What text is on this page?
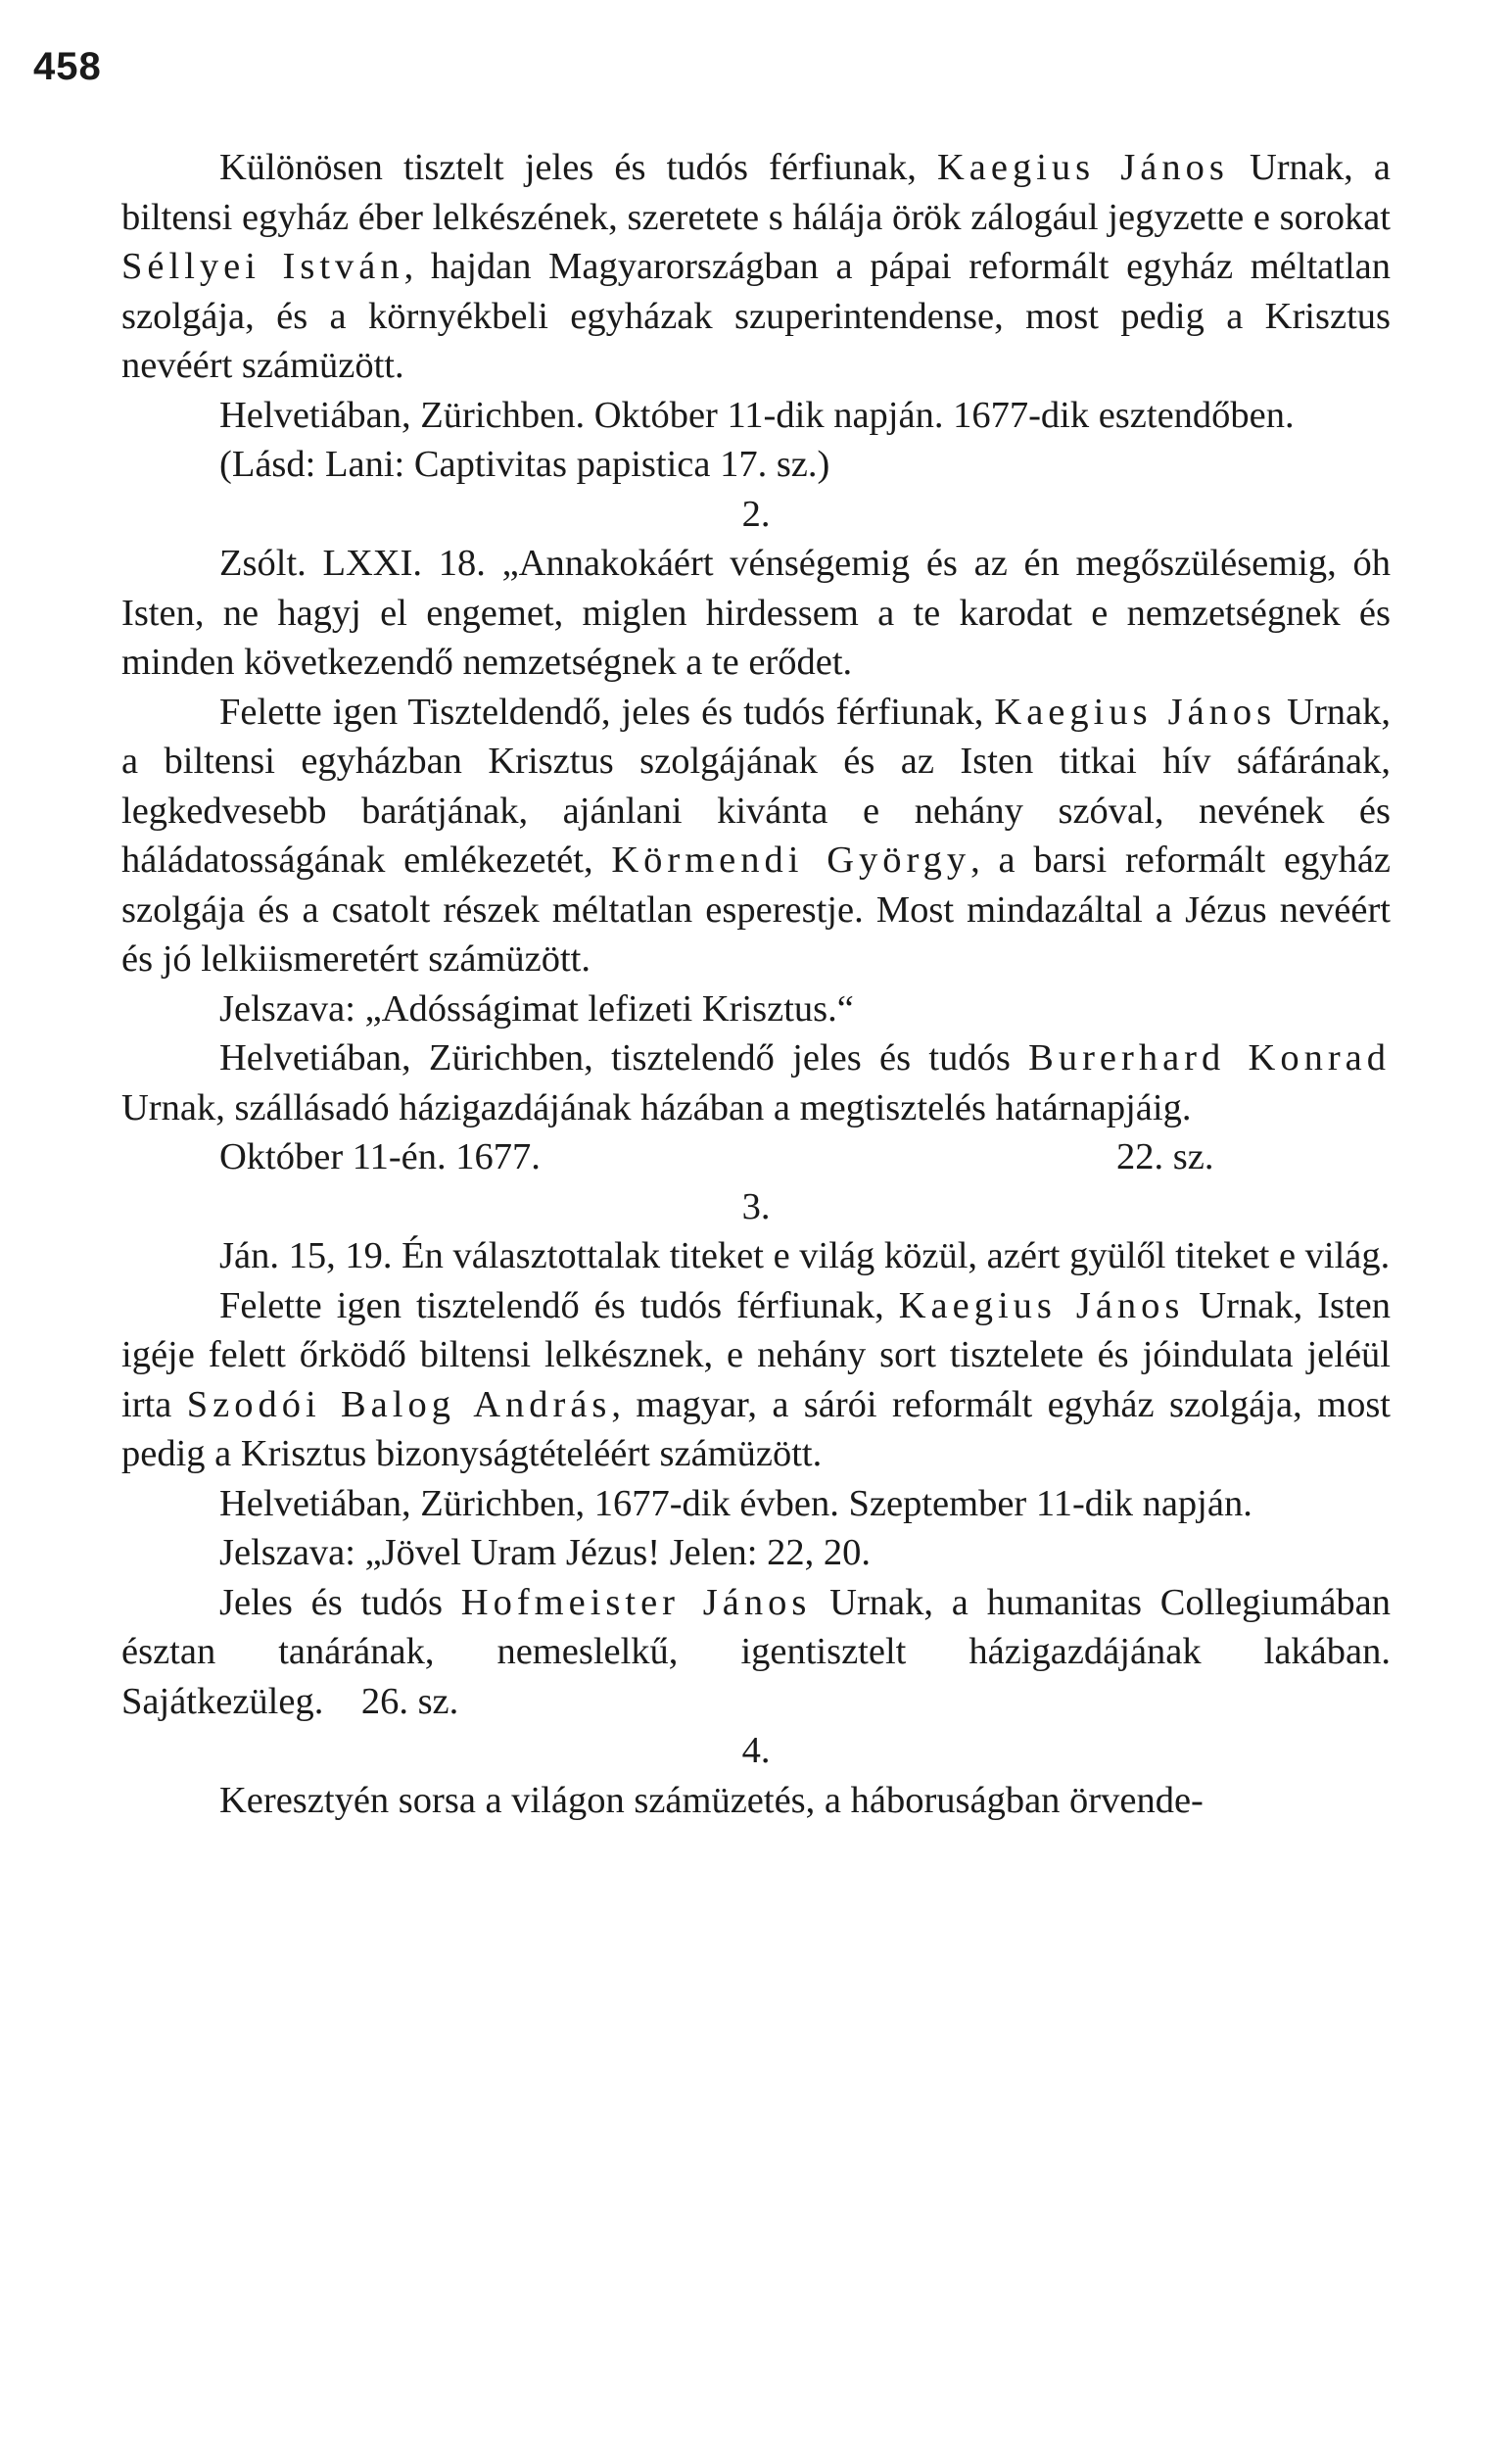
458

Különösen tisztelt jeles és tudós férfiunak, Kaegius János Urnak, a biltensi egyház éber lelkészének, szeretete s hálája örök zálogául jegyzette e sorokat Séllyei István, hajdan Magyarországban a pápai reformált egyház méltatlan szolgája, és a környékbeli egyházak szuperintendense, most pedig a Krisztus nevéért számüzött.

Helvetiában, Zürichben. Október 11-dik napján. 1677-dik esztendőben.

(Lásd: Lani: Captivitas papistica 17. sz.)

2.

Zsólt. LXXI. 18. „Annakokáért vénségemig és az én megőszülésemig, óh Isten, ne hagyj el engemet, miglen hirdessem a te karodat e nemzetségnek és minden következendő nemzetségnek a te erődet.

Felette igen Tiszteldendő, jeles és tudós férfiunak, Kaegius János Urnak, a biltensi egyházban Krisztus szolgájának és az Isten titkai hív sáfárának, legkedvesebb barátjának, ajánlani kivánta e nehány szóval, nevének és háládatosságának emlékezetét, Körmendi György, a barsi reformált egyház szolgája és a csatolt részek méltatlan esperestje. Most mindazáltal a Jézus nevéért és jó lelkiismeretért számüzött.

Jelszava: „Adósságimat lefizeti Krisztus.“

Helvetiában, Zürichben, tisztelendő jeles és tudós Burerhard Konrad Urnak, szállásadó házigazdájának házában a megtisztelés határnapjáig.

Október 11-én. 1677.	22. sz.

3.

Ján. 15, 19. Én választottalak titeket e világ közül, azért gyülől titeket e világ.

Felette igen tisztelendő és tudós férfiunak, Kaegius János Urnak, Isten igéje felett őrködő biltensi lelkésznek, e nehány sort tisztelete és jóindulata jeléül irta Szodói Balog András, magyar, a sárói reformált egyház szolgája, most pedig a Krisztus bizonyságtételéért számüzött.

Helvetiában, Zürichben, 1677-dik évben. Szeptember 11-dik napján.

Jelszava: „Jövel Uram Jézus! Jelen: 22, 20.

Jeles és tudós Hofmeister János Urnak, a humanitas Collegiumában észtan tanárának, nemeslelkű, igentisztelt házigazdájának lakában. Sajátkezüleg. 26. sz.

4.

Keresztyén sorsa a világon számüzetés, a háboruságban örvende-
